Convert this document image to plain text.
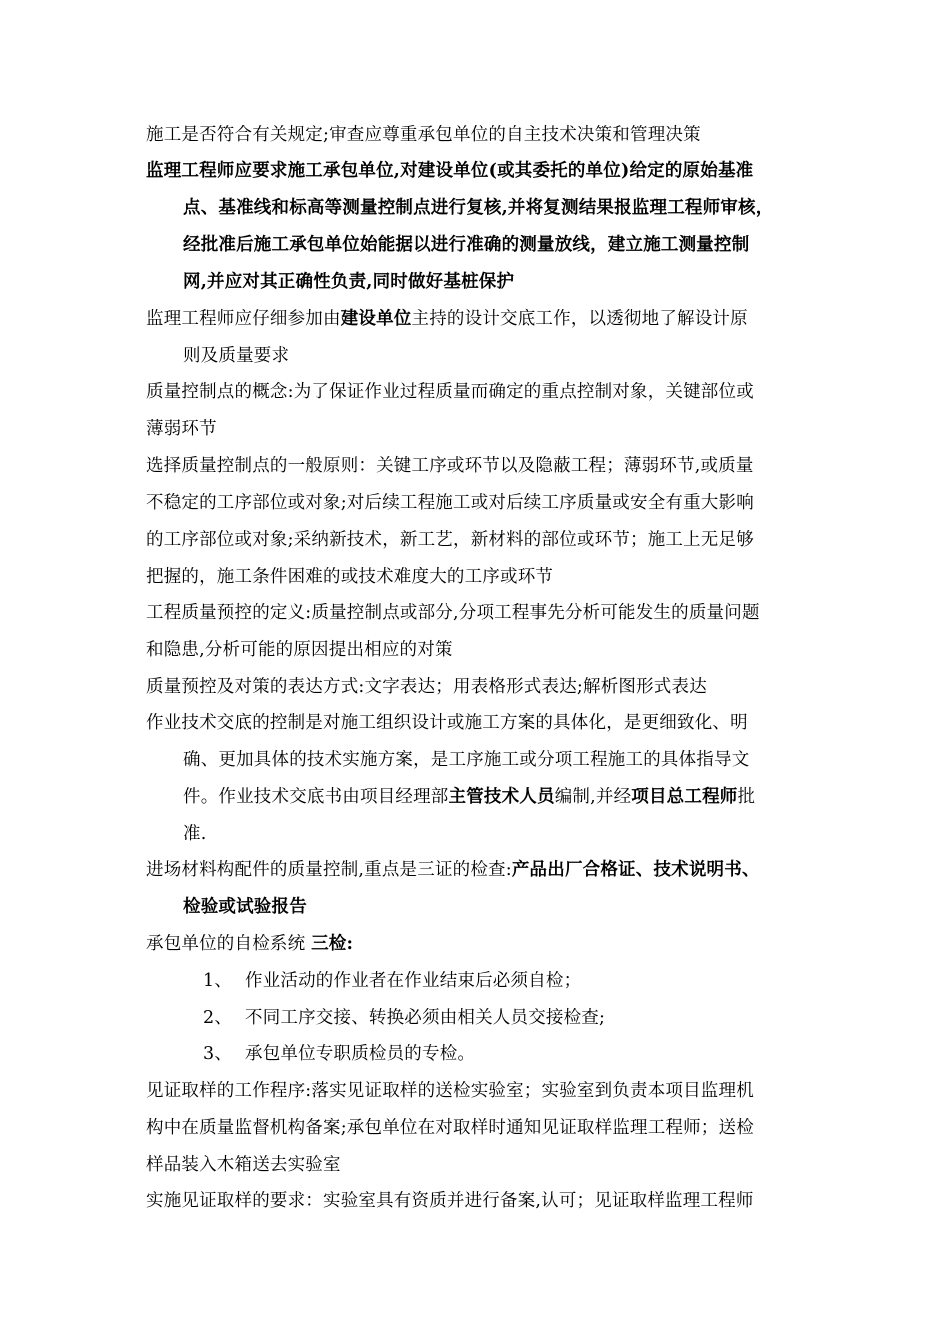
施工是否符合有关规定;审查应尊重承包单位的自主技术决策和管理决策
监理工程师应要求施工承包单位,对建设单位(或其委托的单位)给定的原始基准
点、基准线和标高等测量控制点进行复核,并将复测结果报监理工程师审核，
经批准后施工承包单位始能据以进行准确的测量放线，建立施工测量控制
网,并应对其正确性负责,同时做好基桩保护
监理工程师应仔细参加由建设单位主持的设计交底工作，以透彻地了解设计原
则及质量要求
质量控制点的概念:为了保证作业过程质量而确定的重点控制对象，关键部位或
薄弱环节
选择质量控制点的一般原则：关键工序或环节以及隐蔽工程；薄弱环节,或质量
不稳定的工序部位或对象;对后续工程施工或对后续工序质量或安全有重大影响
的工序部位或对象;采纳新技术，新工艺，新材料的部位或环节；施工上无足够
把握的，施工条件困难的或技术难度大的工序或环节
工程质量预控的定义:质量控制点或部分,分项工程事先分析可能发生的质量问题
和隐患,分析可能的原因提出相应的对策
质量预控及对策的表达方式:文字表达；用表格形式表达;解析图形式表达
作业技术交底的控制是对施工组织设计或施工方案的具体化，是更细致化、明
确、更加具体的技术实施方案，是工序施工或分项工程施工的具体指导文
件。作业技术交底书由项目经理部主管技术人员编制,并经项目总工程师批
准.
进场材料构配件的质量控制,重点是三证的检查:产品出厂合格证、技术说明书、
检验或试验报告
承包单位的自检系统 三检:
1、 作业活动的作业者在作业结束后必须自检；
2、 不同工序交接、转换必须由相关人员交接检查;
3、 承包单位专职质检员的专检。
见证取样的工作程序:落实见证取样的送检实验室；实验室到负责本项目监理机
构中在质量监督机构备案;承包单位在对取样时通知见证取样监理工程师；送检
样品装入木箱送去实验室
实施见证取样的要求：实验室具有资质并进行备案,认可；见证取样监理工程师
